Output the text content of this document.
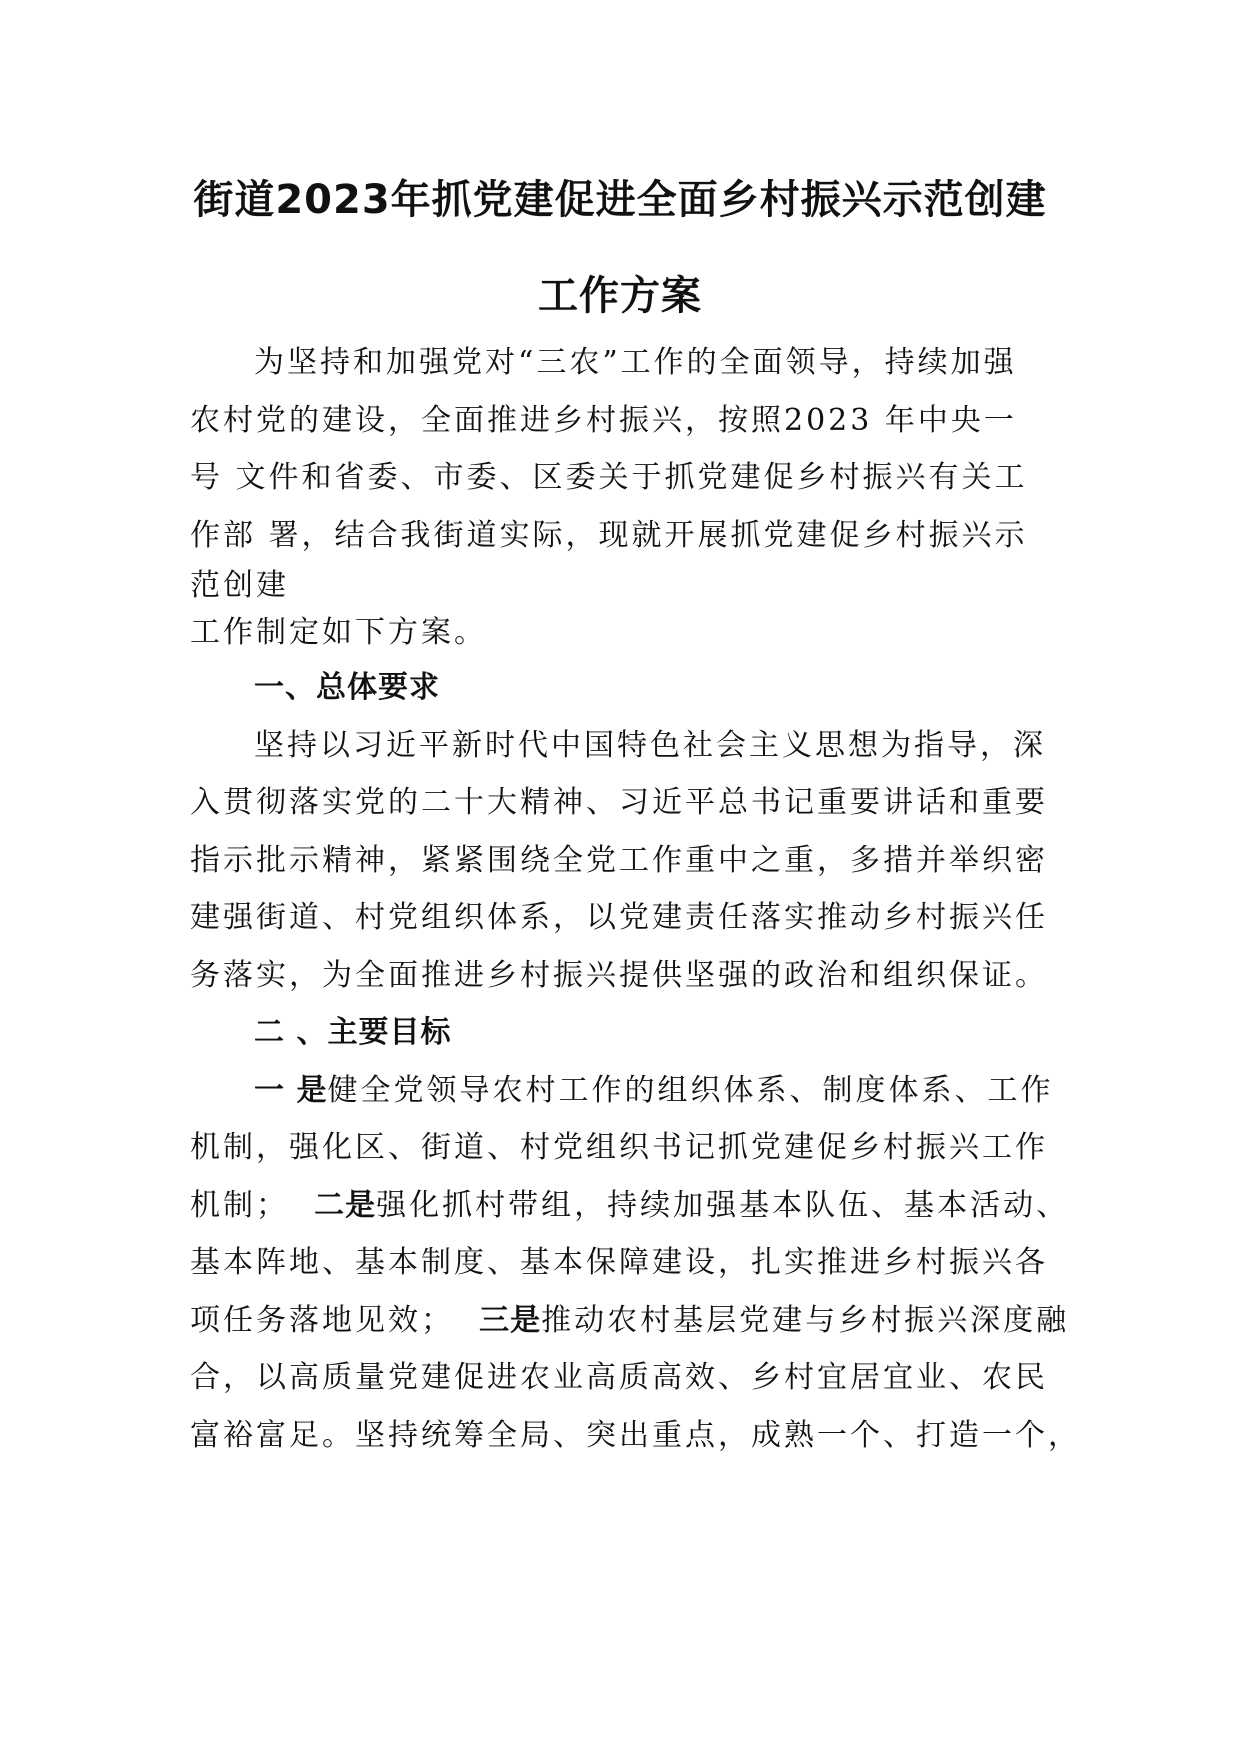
街道2023年抓党建促进全面乡村振兴示范创建
工作方案
为坚持和加强党对“三农”工作的全面领导，持续加强
农村党的建设，全面推进乡村振兴，按照2023 年中央一
号 文件和省委、市委、区委关于抓党建促乡村振兴有关工
作部 署，结合我街道实际，现就开展抓党建促乡村振兴示
范创建
工作制定如下方案。
一、总体要求
坚持以习近平新时代中国特色社会主义思想为指导，深
入贯彻落实党的二十大精神、习近平总书记重要讲话和重要
指示批示精神，紧紧围绕全党工作重中之重，多措并举织密
建强街道、村党组织体系，以党建责任落实推动乡村振兴任
务落实，为全面推进乡村振兴提供坚强的政治和组织保证。
二 、主要目标
一 是健全党领导农村工作的组织体系、制度体系、工作
机制，强化区、街道、村党组织书记抓党建促乡村振兴工作
机制；  二是强化抓村带组，持续加强基本队伍、基本活动、
基本阵地、基本制度、基本保障建设，扎实推进乡村振兴各
项任务落地见效；  三是推动农村基层党建与乡村振兴深度融
合，以高质量党建促进农业高质高效、乡村宜居宜业、农民
富裕富足。坚持统筹全局、突出重点，成熟一个、打造一个，
